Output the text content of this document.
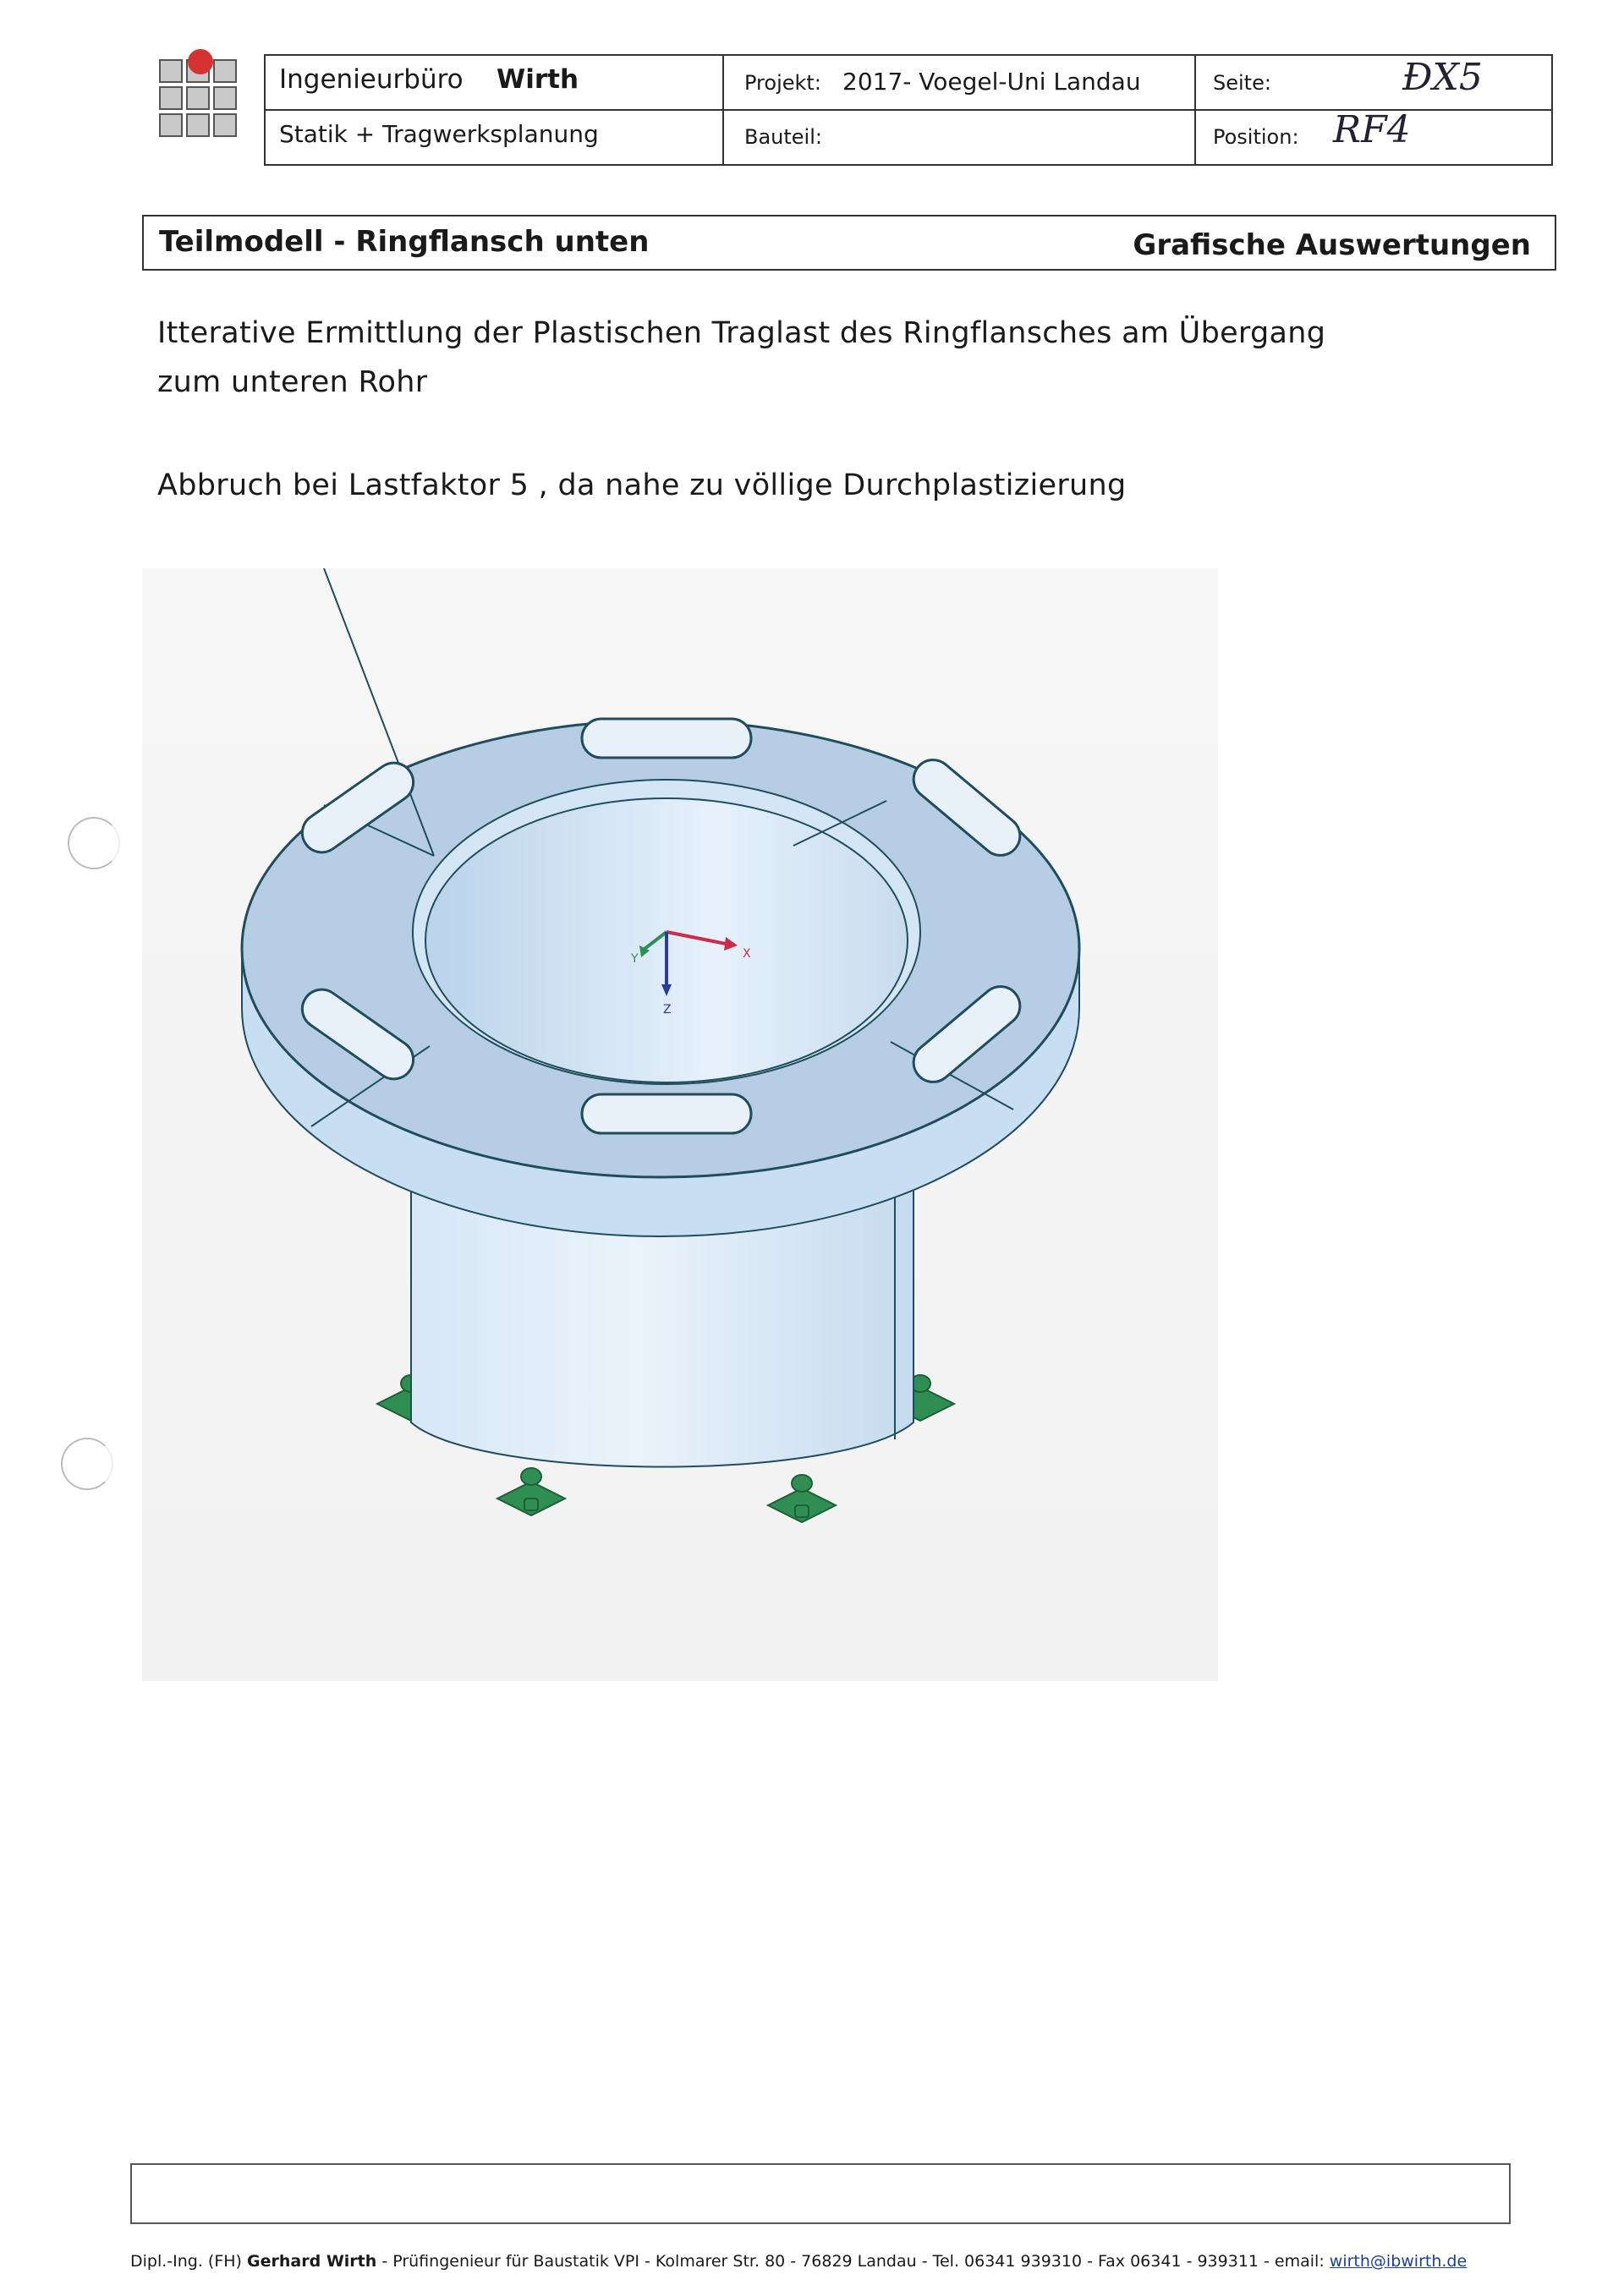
Ingenieurbüro Wirth
Statik + Tragwerksplanung
Projekt: 2017- Voegel-Uni Landau
Bauteil:
Seite:	ÐX5
Position: RF4
Teilmodell - Ringflansch unten	Grafische Auswertungen
Itterative Ermittlung der Plastischen Traglast des Ringflansches am Übergang
zum unteren Rohr
Abbruch bei Lastfaktor 5 , da nahe zu völlige Durchplastizierung
X
Y
Z
Dipl.-Ing. (FH) Gerhard Wirth - Prüfingenieur für Baustatik VPI - Kolmarer Str. 80 - 76829 Landau - Tel. 06341 939310 - Fax 06341 - 939311 - email: wirth@ibwirth.de
